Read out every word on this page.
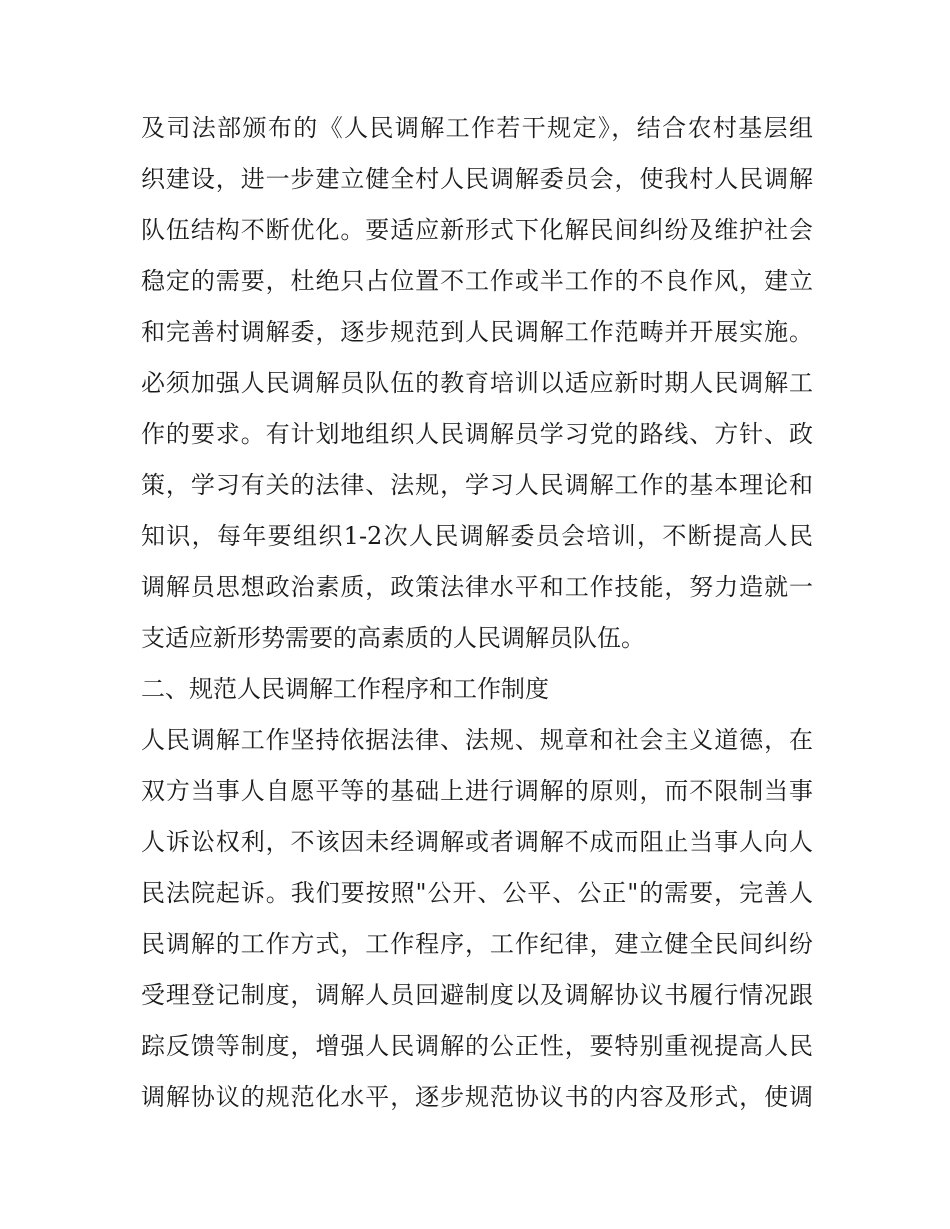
及司法部颁布的《人民调解工作若干规定》，结合农村基层组
织建设，进一步建立健全村人民调解委员会，使我村人民调解
队伍结构不断优化。要适应新形式下化解民间纠纷及维护社会
稳定的需要，杜绝只占位置不工作或半工作的不良作风，建立
和完善村调解委，逐步规范到人民调解工作范畴并开展实施。
必须加强人民调解员队伍的教育培训以适应新时期人民调解工
作的要求。有计划地组织人民调解员学习党的路线、方针、政
策，学习有关的法律、法规，学习人民调解工作的基本理论和
知识，每年要组织1-2次人民调解委员会培训，不断提高人民
调解员思想政治素质，政策法律水平和工作技能，努力造就一
支适应新形势需要的高素质的人民调解员队伍。
二、规范人民调解工作程序和工作制度
人民调解工作坚持依据法律、法规、规章和社会主义道德，在
双方当事人自愿平等的基础上进行调解的原则，而不限制当事
人诉讼权利，不该因未经调解或者调解不成而阻止当事人向人
民法院起诉。我们要按照"公开、公平、公正"的需要，完善人
民调解的工作方式，工作程序，工作纪律，建立健全民间纠纷
受理登记制度，调解人员回避制度以及调解协议书履行情况跟
踪反馈等制度，增强人民调解的公正性，要特别重视提高人民
调解协议的规范化水平，逐步规范协议书的内容及形式，使调
